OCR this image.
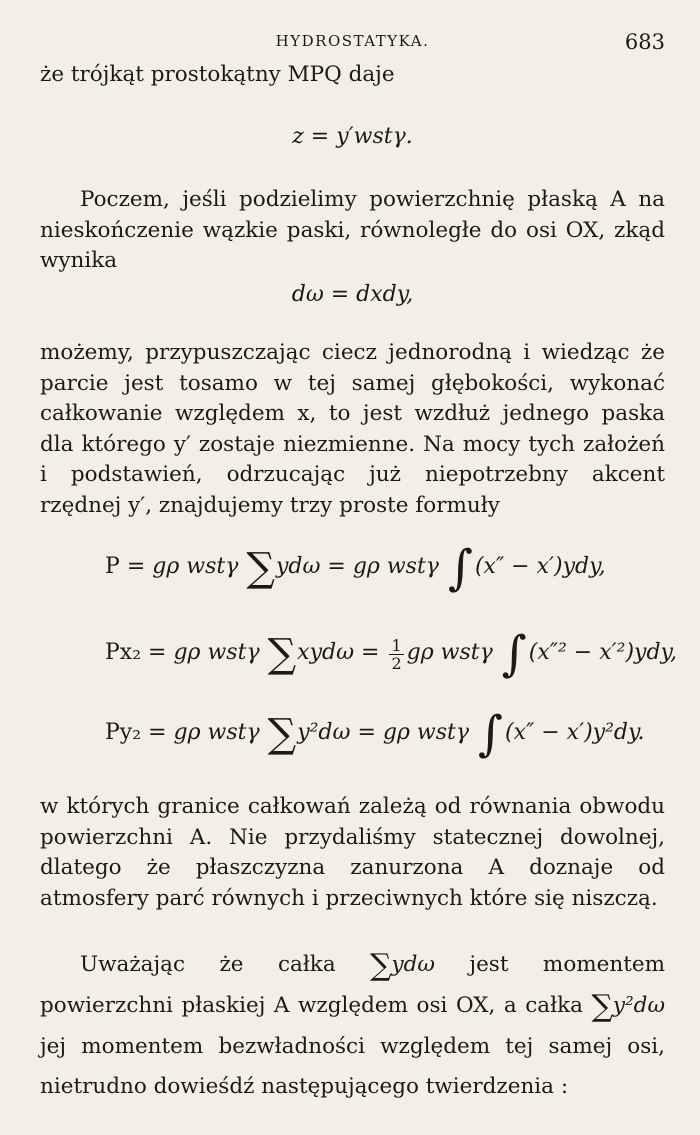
HYDROSTATYKA.	683

że trójkąt prostokątny MPQ daje

z = y′wstγ.

Poczem, jeśli podzielimy powierzchnię płaską A na nieskończenie wązkie paski, równoległe do osi OX, zkąd wynika

dω = dxdy,

możemy, przypuszczając ciecz jednorodną i wiedząc że parcie jest tosamo w tej samej głębokości, wykonać całkowanie względem x, to jest wzdłuż jednego paska dla którego y′ zostaje niezmienne. Na mocy tych założeń i podstawień, odrzucając już niepotrzebny akcent rzędnej y′, znajdujemy trzy proste formuły

P = gρ wstγ ∑ydω = gρ wstγ ∫(x″ − x′)ydy,
Px₂ = gρ wstγ $\sum xyd\omega = \frac{1}{2}$ gρ wstγ ∫(x″² − x′²)ydy,
Py₂ = gρ wstγ ∑y²dω = gρ wstγ ∫(x″ − x′)y²dy.

w których granice całkowań zależą od równania obwodu powierzchni A. Nie przydaliśmy statecznej dowolnej, dlatego że płaszczyzna zanurzona A doznaje od atmosfery parć równych i przeciwnych które się niszczą.

Uważając że całka ∑ydω jest momentem powierzchni płaskiej A względem osi OX, a całka ∑y²dω jej momentem bezwładności względem tej samej osi, nietrudno dowieśdź następującego twierdzenia :
